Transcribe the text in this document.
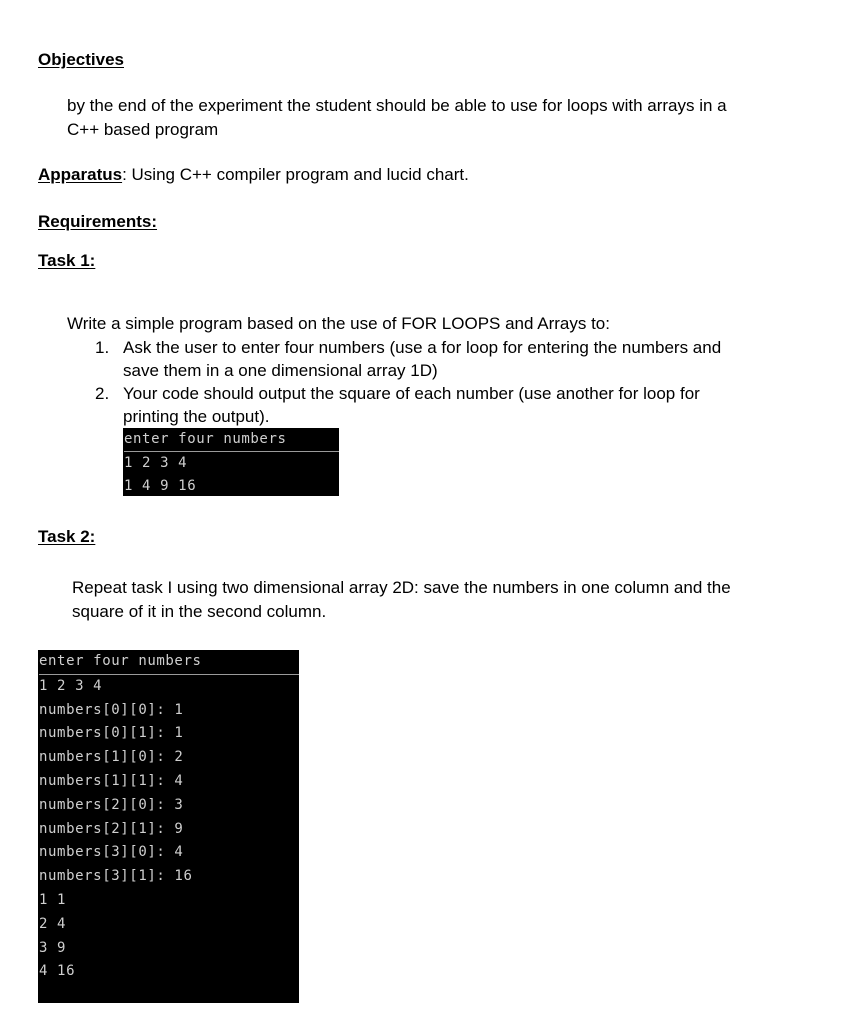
Objectives
by the end of the experiment the student should be able to use for loops with arrays in a
C++ based program
Apparatus: Using C++ compiler program and lucid chart.
Requirements:
Task 1:
Write a simple program based on the use of FOR LOOPS and Arrays to:
1. Ask the user to enter four numbers (use a for loop for entering the numbers and
save them in a one dimensional array 1D)
2. Your code should output the square of each number (use another for loop for
printing the output).
enter four numbers
1 2 3 4
1 4 9 16
Task 2:
Repeat task I using two dimensional array 2D: save the numbers in one column and the
square of it in the second column.
enter four numbers
1 2 3 4
numbers[0][0]: 1
numbers[0][1]: 1
numbers[1][0]: 2
numbers[1][1]: 4
numbers[2][0]: 3
numbers[2][1]: 9
numbers[3][0]: 4
numbers[3][1]: 16
1 1
2 4
3 9
4 16
